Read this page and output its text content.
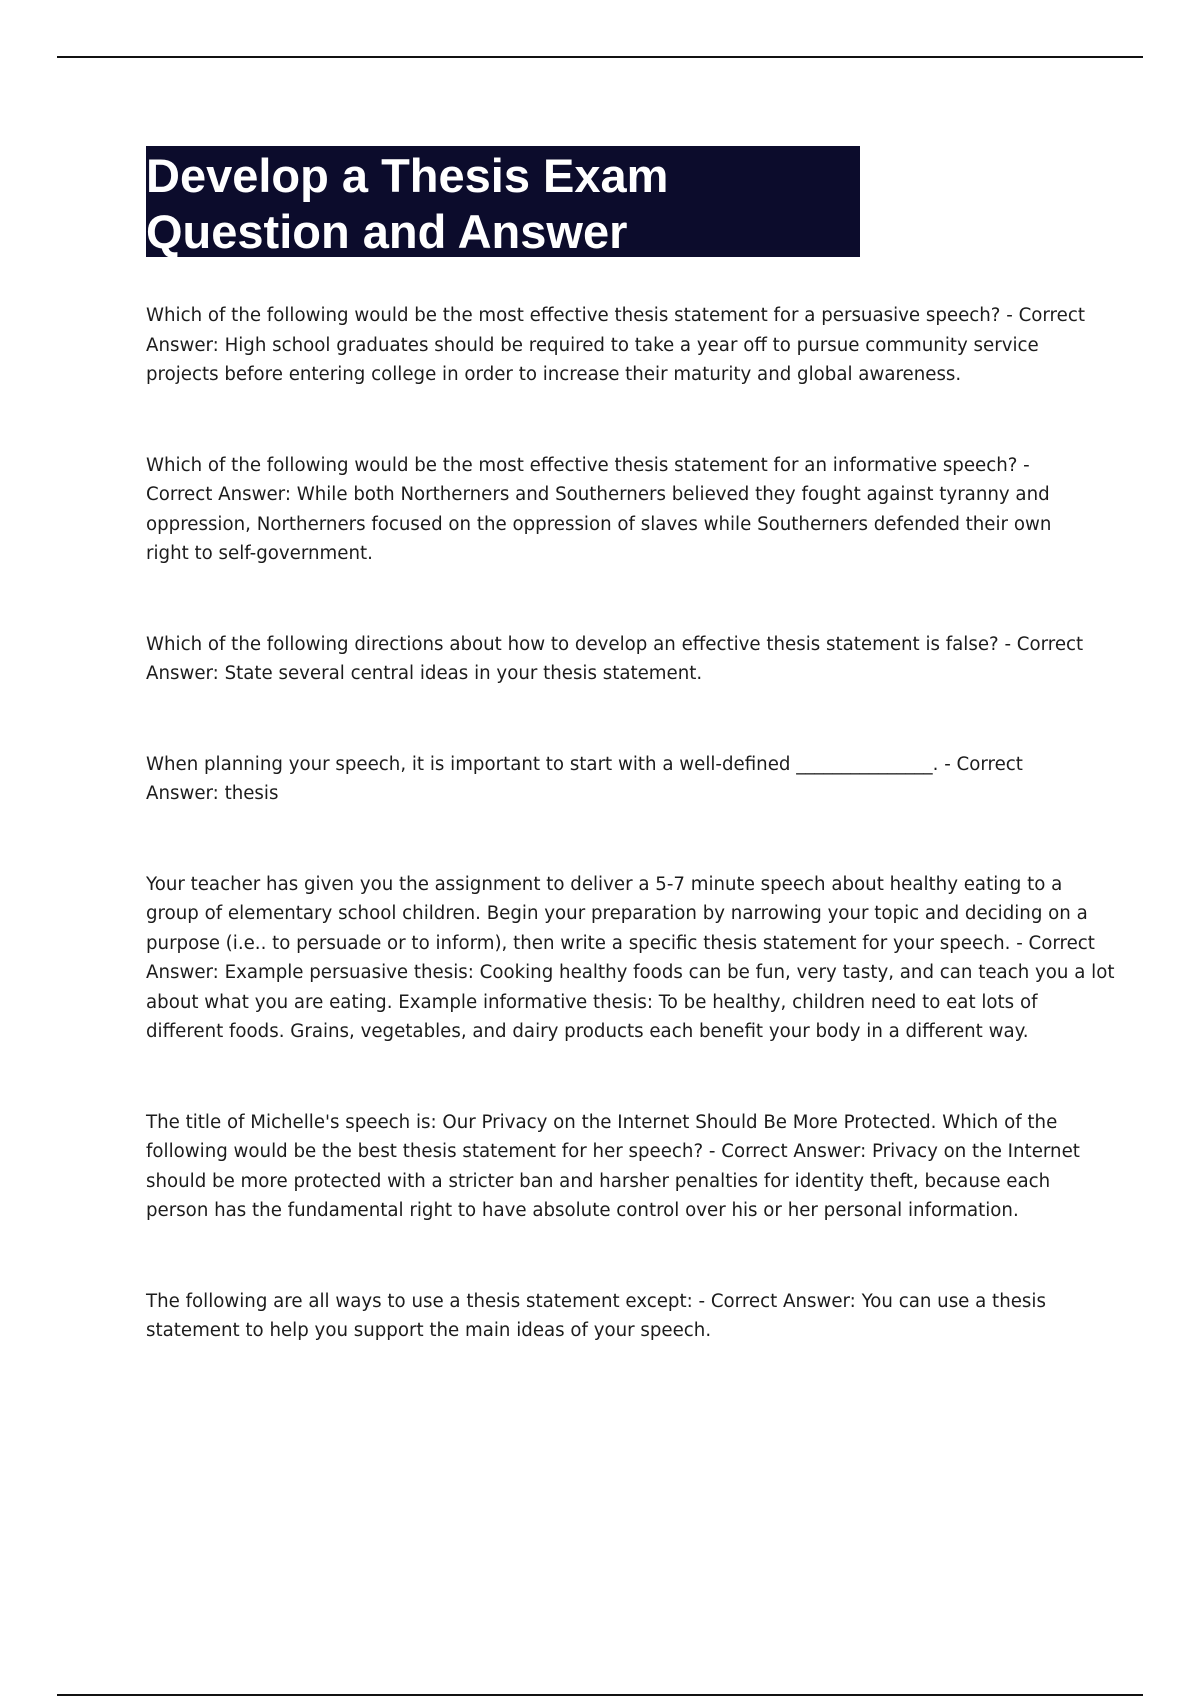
Develop a Thesis Exam
Question and Answer

Which of the following would be the most effective thesis statement for a persuasive speech? - Correct
Answer: High school graduates should be required to take a year off to pursue community service
projects before entering college in order to increase their maturity and global awareness.

Which of the following would be the most effective thesis statement for an informative speech? -
Correct Answer: While both Northerners and Southerners believed they fought against tyranny and
oppression, Northerners focused on the oppression of slaves while Southerners defended their own
right to self-government.

Which of the following directions about how to develop an effective thesis statement is false? - Correct
Answer: State several central ideas in your thesis statement.

When planning your speech, it is important to start with a well-defined _______________. - Correct
Answer: thesis

Your teacher has given you the assignment to deliver a 5-7 minute speech about healthy eating to a
group of elementary school children. Begin your preparation by narrowing your topic and deciding on a
purpose (i.e.. to persuade or to inform), then write a specific thesis statement for your speech. - Correct
Answer: Example persuasive thesis: Cooking healthy foods can be fun, very tasty, and can teach you a lot
about what you are eating. Example informative thesis: To be healthy, children need to eat lots of
different foods. Grains, vegetables, and dairy products each benefit your body in a different way.

The title of Michelle's speech is: Our Privacy on the Internet Should Be More Protected. Which of the
following would be the best thesis statement for her speech? - Correct Answer: Privacy on the Internet
should be more protected with a stricter ban and harsher penalties for identity theft, because each
person has the fundamental right to have absolute control over his or her personal information.

The following are all ways to use a thesis statement except: - Correct Answer: You can use a thesis
statement to help you support the main ideas of your speech.
